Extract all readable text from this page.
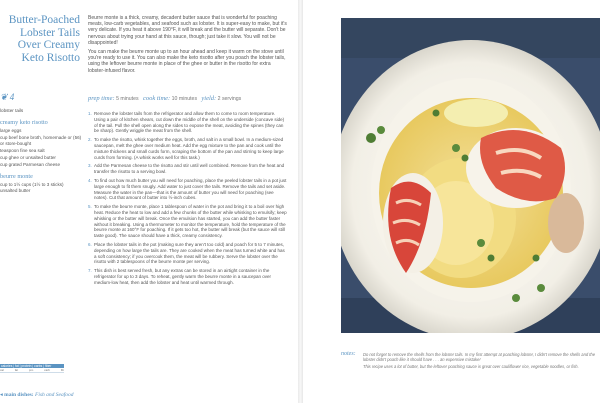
Butter-Poached
Lobster Tails
Over Creamy
Keto Risotto
❦ 4
lobster tails
creamy keto risotto
large eggs
cup beef bone broth, homemade or (56) or store-bought
teaspoon fine sea salt
cup ghee or unsalted butter
cup grated Parmesan cheese
beurre monte
cup to 1½ cups (1½ to 3 sticks) unsalted butter
calories | fat | protein | carbs | fiber
cal	fat	pro	carb	fib
◂ main dishes: Fish and Seafood

Beurre monte is a thick, creamy, decadent butter sauce that is wonderful for poaching meats, low-carb vegetables, and seafood such as lobster. It is super-easy to make, but it's very delicate. If you heat it above 190°F, it will break and the butter will separate. Don't be nervous about trying your hand at this sauce, though; just take it slow. You will not be disappointed!

You can make the beurre monte up to an hour ahead and keep it warm on the stove until you're ready to use it. You can also make the keto risotto after you poach the lobster tails, using the leftover beurre monte in place of the ghee or butter in the risotto for extra lobster-infused flavor.

prep time: 5 minutes cook time: 10 minutes yield: 2 servings
1. Remove the lobster tails from the refrigerator and allow them to come to room temperature. Using a pair of kitchen shears, cut down the middle of the shell on the underside (concave side) of the tail. Pull the shell open along the sides to expose the meat, avoiding the spines (they can be sharp). Gently wriggle the meat from the shell.
2. To make the risotto, whisk together the eggs, broth, and salt in a small bowl. In a medium-sized saucepan, melt the ghee over medium heat. Add the egg mixture to the pan and cook until the mixture thickens and small curds form, scraping the bottom of the pan and stirring to keep large curds from forming. (A whisk works well for this task.)
3. Add the Parmesan cheese to the risotto and stir until well combined. Remove from the heat and transfer the risotto to a serving bowl.
4. To find out how much butter you will need for poaching, place the peeled lobster tails in a pot just large enough to fit them snugly. Add water to just cover the tails. Remove the tails and set aside. Measure the water in the pan—that is the amount of butter you will need for poaching (see notes). Cut that amount of butter into ½-inch cubes.
5. To make the beurre monte, place 1 tablespoon of water in the pot and bring it to a boil over high heat. Reduce the heat to low and add a few chunks of the butter while whisking to emulsify; keep whisking or the butter will break. Once the emulsion has started, you can add the butter faster without it breaking. Using a thermometer to monitor the temperature, hold the temperature of the beurre monte at 160°F for poaching. If it gets too hot, the butter will break (but the sauce will still taste good). The sauce should have a thick, creamy consistency.
6. Place the lobster tails in the pot (making sure they aren't too cold) and poach for 5 to 7 minutes, depending on how large the tails are. They are cooked when the meat has turned white and has a soft consistency; if you overcook them, the meat will be rubbery. Serve the lobster over the risotto with 2 tablespoons of the beurre monte per serving.
7. This dish is best served fresh, but any extras can be stored in an airtight container in the refrigerator for up to 3 days. To reheat, gently warm the beurre monte in a saucepan over medium-low heat, then add the lobster and heat until warmed through.
notes:	Do not forget to remove the shells from the lobster tails. In my first attempt at poaching lobster, I didn't remove the shells and the lobster didn't poach like it should have . . . an expensive mistake!

This recipe uses a lot of butter, but the leftover poaching sauce is great over cauliflower rice, vegetable noodles, or fish.
